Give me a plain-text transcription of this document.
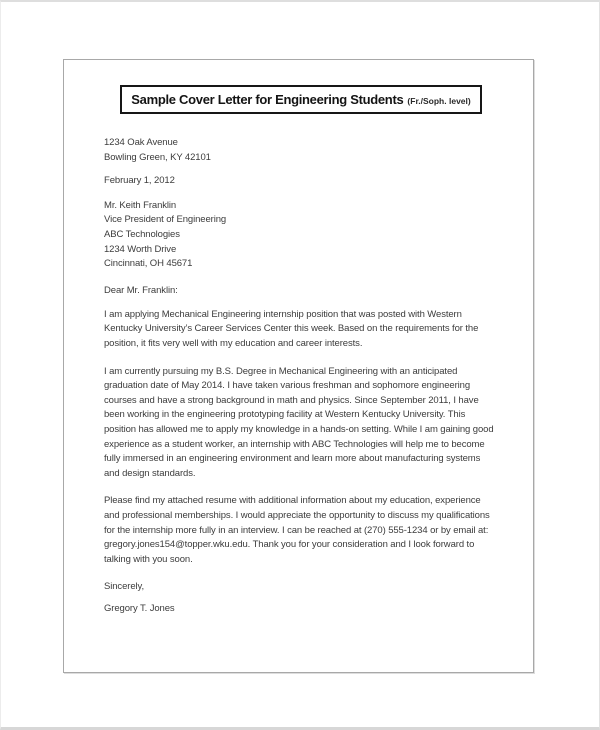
Sample Cover Letter for Engineering Students (Fr./Soph. level)
1234 Oak Avenue
Bowling Green, KY 42101
February 1, 2012
Mr. Keith Franklin
Vice President of Engineering
ABC Technologies
1234 Worth Drive
Cincinnati, OH 45671
Dear Mr. Franklin:

I am applying Mechanical Engineering internship position that was posted with Western Kentucky University’s Career Services Center this week. Based on the requirements for the position, it fits very well with my education and career interests.

I am currently pursuing my B.S. Degree in Mechanical Engineering with an anticipated graduation date of May 2014. I have taken various freshman and sophomore engineering courses and have a strong background in math and physics. Since September 2011, I have been working in the engineering prototyping facility at Western Kentucky University. This position has allowed me to apply my knowledge in a hands-on setting. While I am gaining good experience as a student worker, an internship with ABC Technologies will help me to become fully immersed in an engineering environment and learn more about manufacturing systems and design standards.

Please find my attached resume with additional information about my education, experience and professional memberships. I would appreciate the opportunity to discuss my qualifications for the internship more fully in an interview. I can be reached at (270) 555-1234 or by email at: gregory.jones154@topper.wku.edu. Thank you for your consideration and I look forward to talking with you soon.

Sincerely,
Gregory T. Jones
